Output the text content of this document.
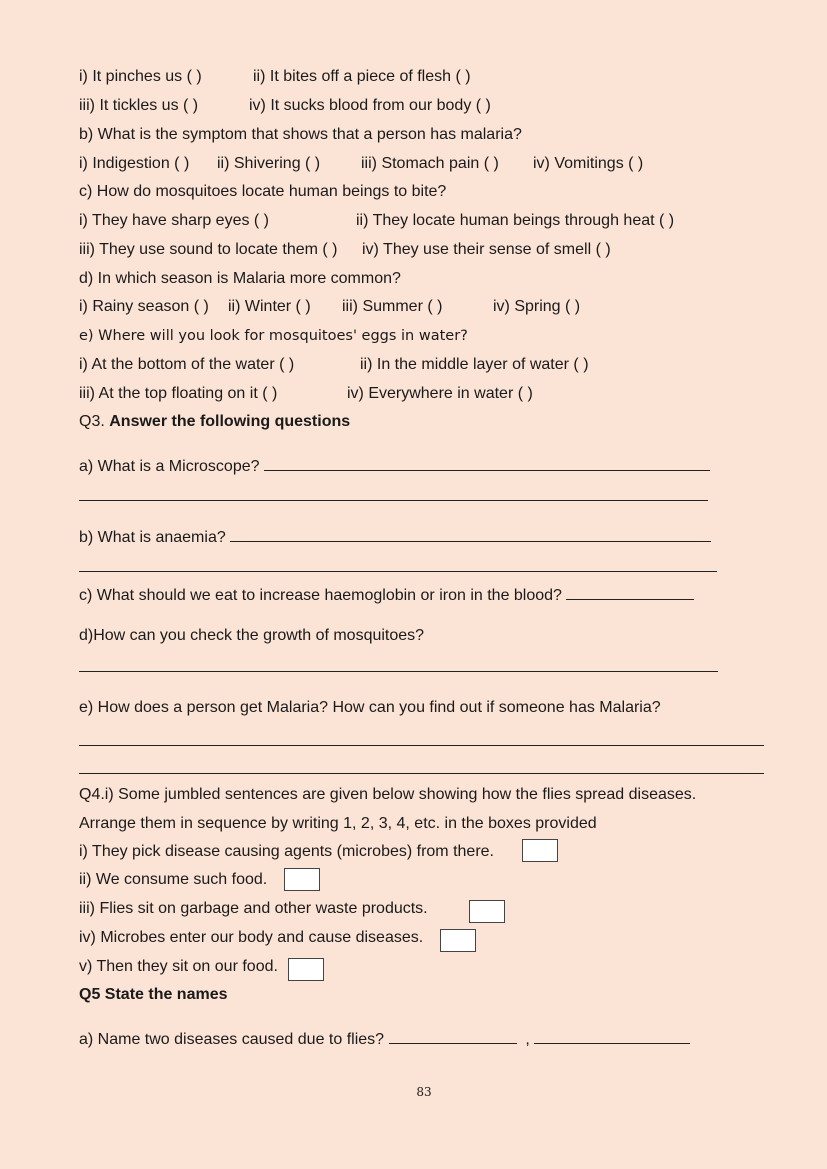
i) It pinches us ( )	ii) It bites off a piece of flesh ( )
iii) It tickles us ( )	iv) It sucks blood from our body ( )
b) What is the symptom that shows that a person has malaria?
i) Indigestion ( ) ii) Shivering ( )	iii) Stomach pain ( ) iv) Vomitings ( )
c) How do mosquitoes locate human beings to bite?
i) They have sharp eyes ( )	ii) They locate human beings through heat ( )
iii) They use sound to locate them ( ) iv) They use their sense of smell ( )
d) In which season is Malaria more common?
i) Rainy season ( ) ii) Winter ( ) iii) Summer ( )	iv) Spring ( )
e) Where will you look for mosquitoes' eggs in water?
i) At the bottom of the water ( )	ii) In the middle layer of water ( )
iii) At the top floating on it ( )	iv) Everywhere in water ( )
Q3. Answer the following questions
a) What is a Microscope?
b) What is anaemia?
c) What should we eat to increase haemoglobin or iron in the blood?
d)How can you check the growth of mosquitoes?
e) How does a person get Malaria? How can you find out if someone has Malaria?
Q4.i) Some jumbled sentences are given below showing how the flies spread diseases.
Arrange them in sequence by writing 1, 2, 3, 4, etc. in the boxes provided
i) They pick disease causing agents (microbes) from there.
ii) We consume such food.
iii) Flies sit on garbage and other waste products.
iv) Microbes enter our body and cause diseases.
v) Then they sit on our food.
Q5 State the names
a) Name two diseases caused due to flies?	,
83
